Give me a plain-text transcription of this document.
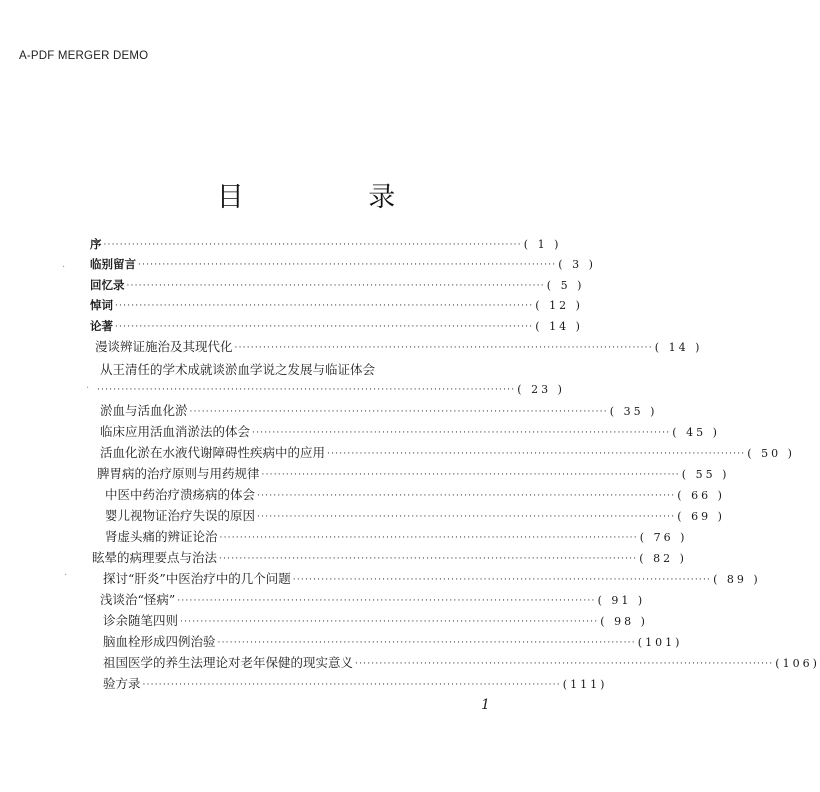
A-PDF MERGER DEMO
目 录
序 ······································································································· ( 1 )
临别留言 ······································································································· ( 3 )
回忆录 ······································································································· ( 5 )
悼词 ······································································································· ( 12 )
论著 ······································································································· ( 14 )
漫谈辨证施治及其现代化 ······································································································· ( 14 )
从王清任的学术成就谈淤血学说之发展与临证体会
······································································································· ( 23 )
淤血与活血化淤 ······································································································· ( 35 )
临床应用活血消淤法的体会 ······································································································· ( 45 )
活血化淤在水液代谢障碍性疾病中的应用 ······································································································· ( 50 )
脾胃病的治疗原则与用药规律 ······································································································· ( 55 )
中医中药治疗溃疡病的体会 ······································································································· ( 66 )
婴儿视物证治疗失误的原因 ······································································································· ( 69 )
肾虚头痛的辨证论治 ······································································································· ( 76 )
眩晕的病理要点与治法 ······································································································· ( 82 )
探讨“肝炎”中医治疗中的几个问题 ······································································································· ( 89 )
浅谈治“怪病” ······································································································· ( 91 )
诊余随笔四则 ······································································································· ( 98 )
脑血栓形成四例治验 ······································································································· (101)
祖国医学的养生法理论对老年保健的现实意义 ······································································································· (106)
验方录 ······································································································· (111)
·
·
·
1
